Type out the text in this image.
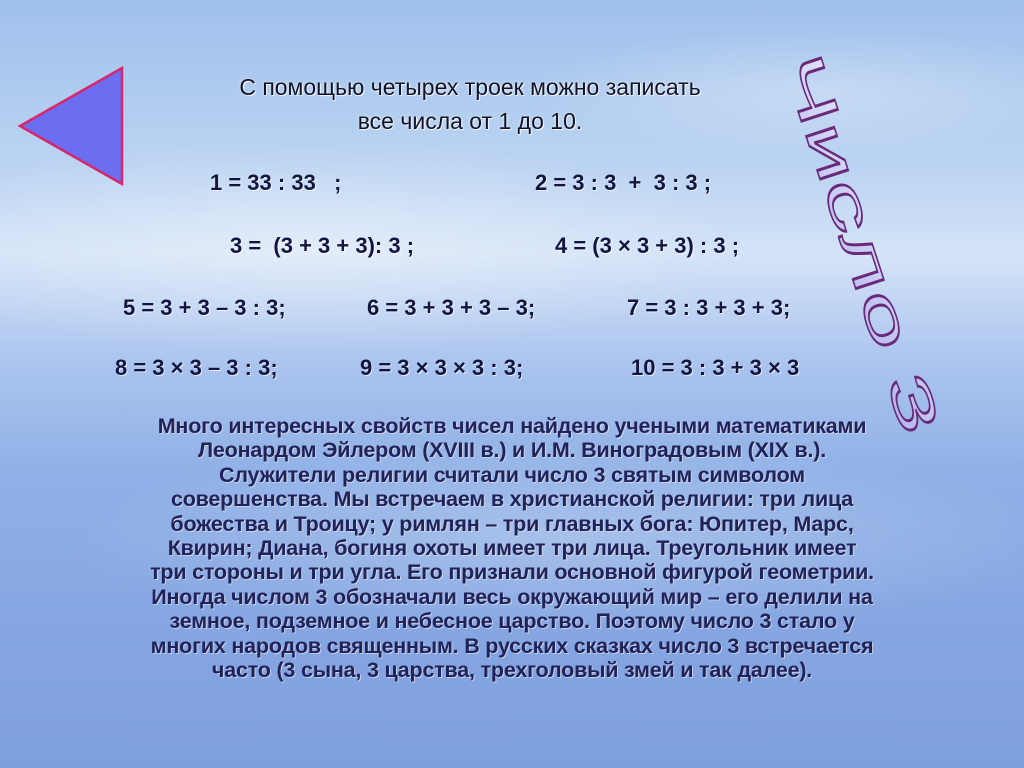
Число 3
С помощью четырех троек можно записать
все числа от 1 до 10.
1 = 33 : 33   ;	2 = 3 : 3  +  3 : 3 ;
3 =  (3 + 3 + 3): 3 ;	4 = (3 × 3 + 3) : 3 ;
5 = 3 + 3 – 3 : 3;	6 = 3 + 3 + 3 – 3;	7 = 3 : 3 + 3 + 3;
8 = 3 × 3 – 3 : 3;	9 = 3 × 3 × 3 : 3;	10 = 3 : 3 + 3 × 3
Много интересных свойств чисел найдено учеными математиками
Леонардом Эйлером (XVIII в.) и И.М. Виноградовым (XIX в.).
Служители религии считали число 3 святым символом
совершенства. Мы встречаем в христианской религии: три лица
божества и Троицу; у римлян – три главных бога: Юпитер, Марс,
Квирин; Диана, богиня охоты имеет три лица. Треугольник имеет
три стороны и три угла. Его признали основной фигурой геометрии.
Иногда числом 3 обозначали весь окружающий мир – его делили на
земное, подземное и небесное царство. Поэтому число 3 стало у
многих народов священным. В русских сказках число 3 встречается
часто (3 сына, 3 царства, трехголовый змей и так далее).
